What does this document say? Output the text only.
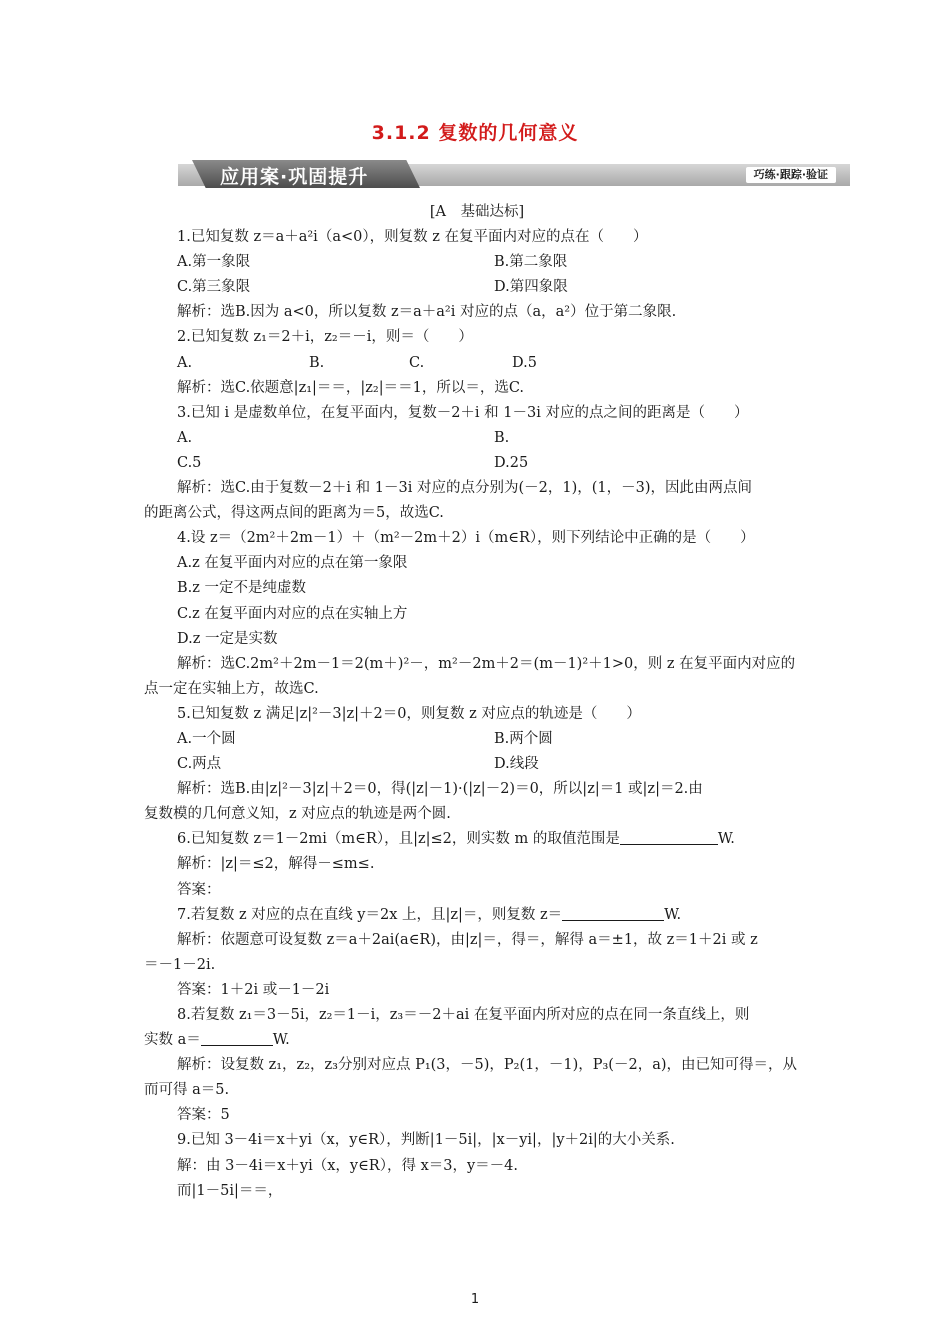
3.1.2 复数的几何意义
应用案·巩固提升	巧练·跟踪·验证
[A　基础达标]
1.已知复数 z＝a＋a²i（a<0），则复数 z 在复平面内对应的点在（　　）
A.第一象限	B.第二象限
C.第三象限	D.第四象限
解析：选B.因为 a<0，所以复数 z＝a＋a²i 对应的点（a，a²）位于第二象限.
2.已知复数 z₁＝2＋i，z₂＝－i，则＝（　　）
A.	B.	C.	D.5
解析：选C.依题意|z₁|＝＝，|z₂|＝＝1，所以＝，选C.
3.已知 i 是虚数单位，在复平面内，复数－2＋i 和 1－3i 对应的点之间的距离是（　　）
A.	B.
C.5	D.25
解析：选C.由于复数－2＋i 和 1－3i 对应的点分别为(－2，1)，(1，－3)，因此由两点间
的距离公式，得这两点间的距离为＝5，故选C.
4.设 z＝（2m²＋2m－1）＋（m²－2m＋2）i（m∈R），则下列结论中正确的是（　　）
A.z 在复平面内对应的点在第一象限
B.z 一定不是纯虚数
C.z 在复平面内对应的点在实轴上方
D.z 一定是实数
解析：选C.2m²＋2m－1＝2(m＋)²－，m²－2m＋2＝(m－1)²＋1>0，则 z 在复平面内对应的
点一定在实轴上方，故选C.
5.已知复数 z 满足|z|²－3|z|＋2＝0，则复数 z 对应点的轨迹是（　　）
A.一个圆	B.两个圆
C.两点	D.线段
解析：选B.由|z|²－3|z|＋2＝0，得(|z|－1)·(|z|－2)＝0，所以|z|＝1 或|z|＝2.由
复数模的几何意义知，z 对应点的轨迹是两个圆.
6.已知复数 z＝1－2mi（m∈R），且|z|≤2，则实数 m 的取值范围是	W.
解析：|z|＝≤2，解得－≤m≤.
答案：
7.若复数 z 对应的点在直线 y＝2x 上，且|z|＝，则复数 z＝	W.
解析：依题意可设复数 z＝a＋2ai(a∈R)，由|z|＝，得＝，解得 a＝±1，故 z＝1＋2i 或 z
＝－1－2i.
答案：1＋2i 或－1－2i
8.若复数 z₁＝3－5i，z₂＝1－i，z₃＝－2＋ai 在复平面内所对应的点在同一条直线上，则
实数 a＝	W.
解析：设复数 z₁，z₂，z₃分别对应点 P₁(3，－5)，P₂(1，－1)，P₃(－2，a)，由已知可得＝，从
而可得 a＝5.
答案：5
9.已知 3－4i＝x＋yi（x，y∈R），判断|1－5i|，|x－yi|，|y＋2i|的大小关系.
解：由 3－4i＝x＋yi（x，y∈R），得 x＝3，y＝－4.
而|1－5i|＝＝，
1
